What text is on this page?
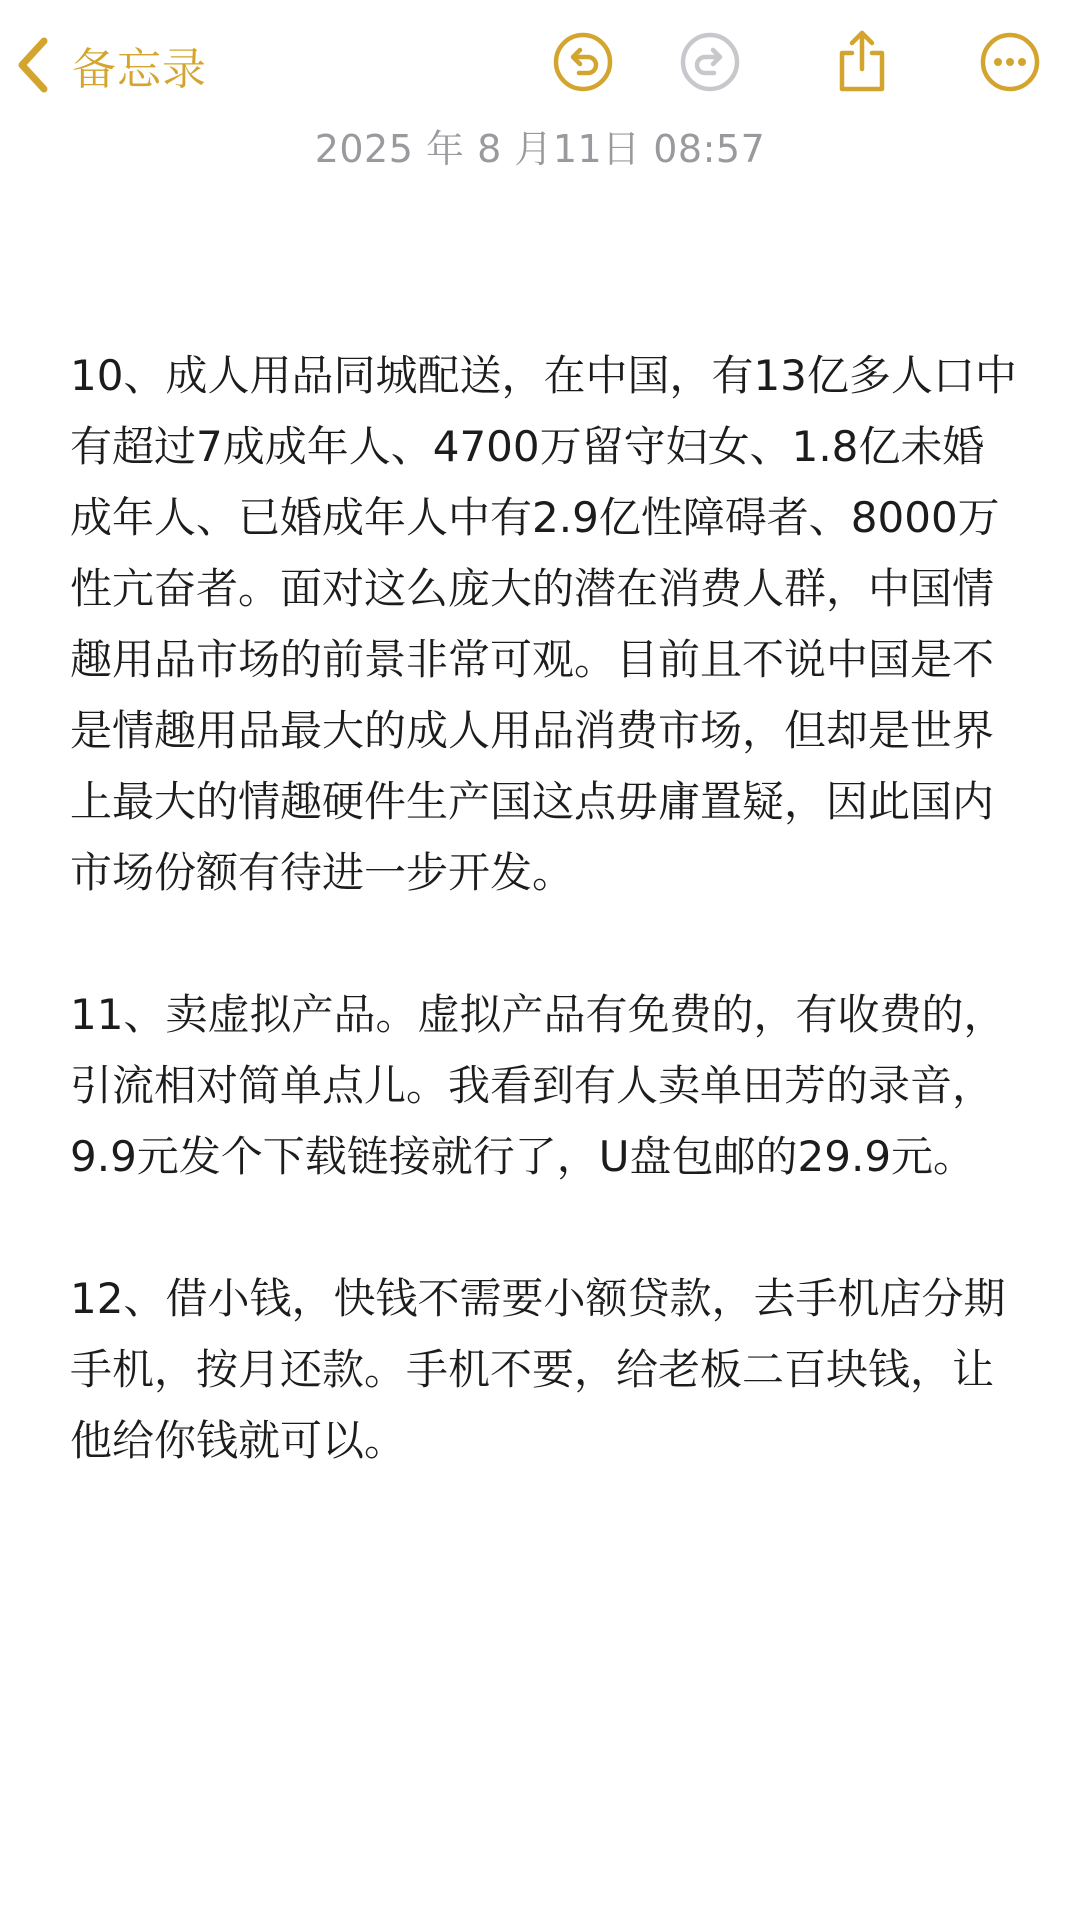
备忘录
2025 年 8 月11日 08:57

10、成人用品同城配送，在中国，有13亿多人口中有超过7成成年人、4700万留守妇女、1.8亿未婚成年人、已婚成年人中有2.9亿性障碍者、8000万性亢奋者。面对这么庞大的潜在消费人群，中国情趣用品市场的前景非常可观。目前且不说中国是不是情趣用品最大的成人用品消费市场，但却是世界上最大的情趣硬件生产国这点毋庸置疑，因此国内市场份额有待进一步开发。

11、卖虚拟产品。虚拟产品有免费的，有收费的，引流相对简单点儿。我看到有人卖单田芳的录音，9.9元发个下载链接就行了，U盘包邮的29.9元。

12、借小钱，快钱不需要小额贷款，去手机店分期手机，按月还款。手机不要，给老板二百块钱，让他给你钱就可以。
